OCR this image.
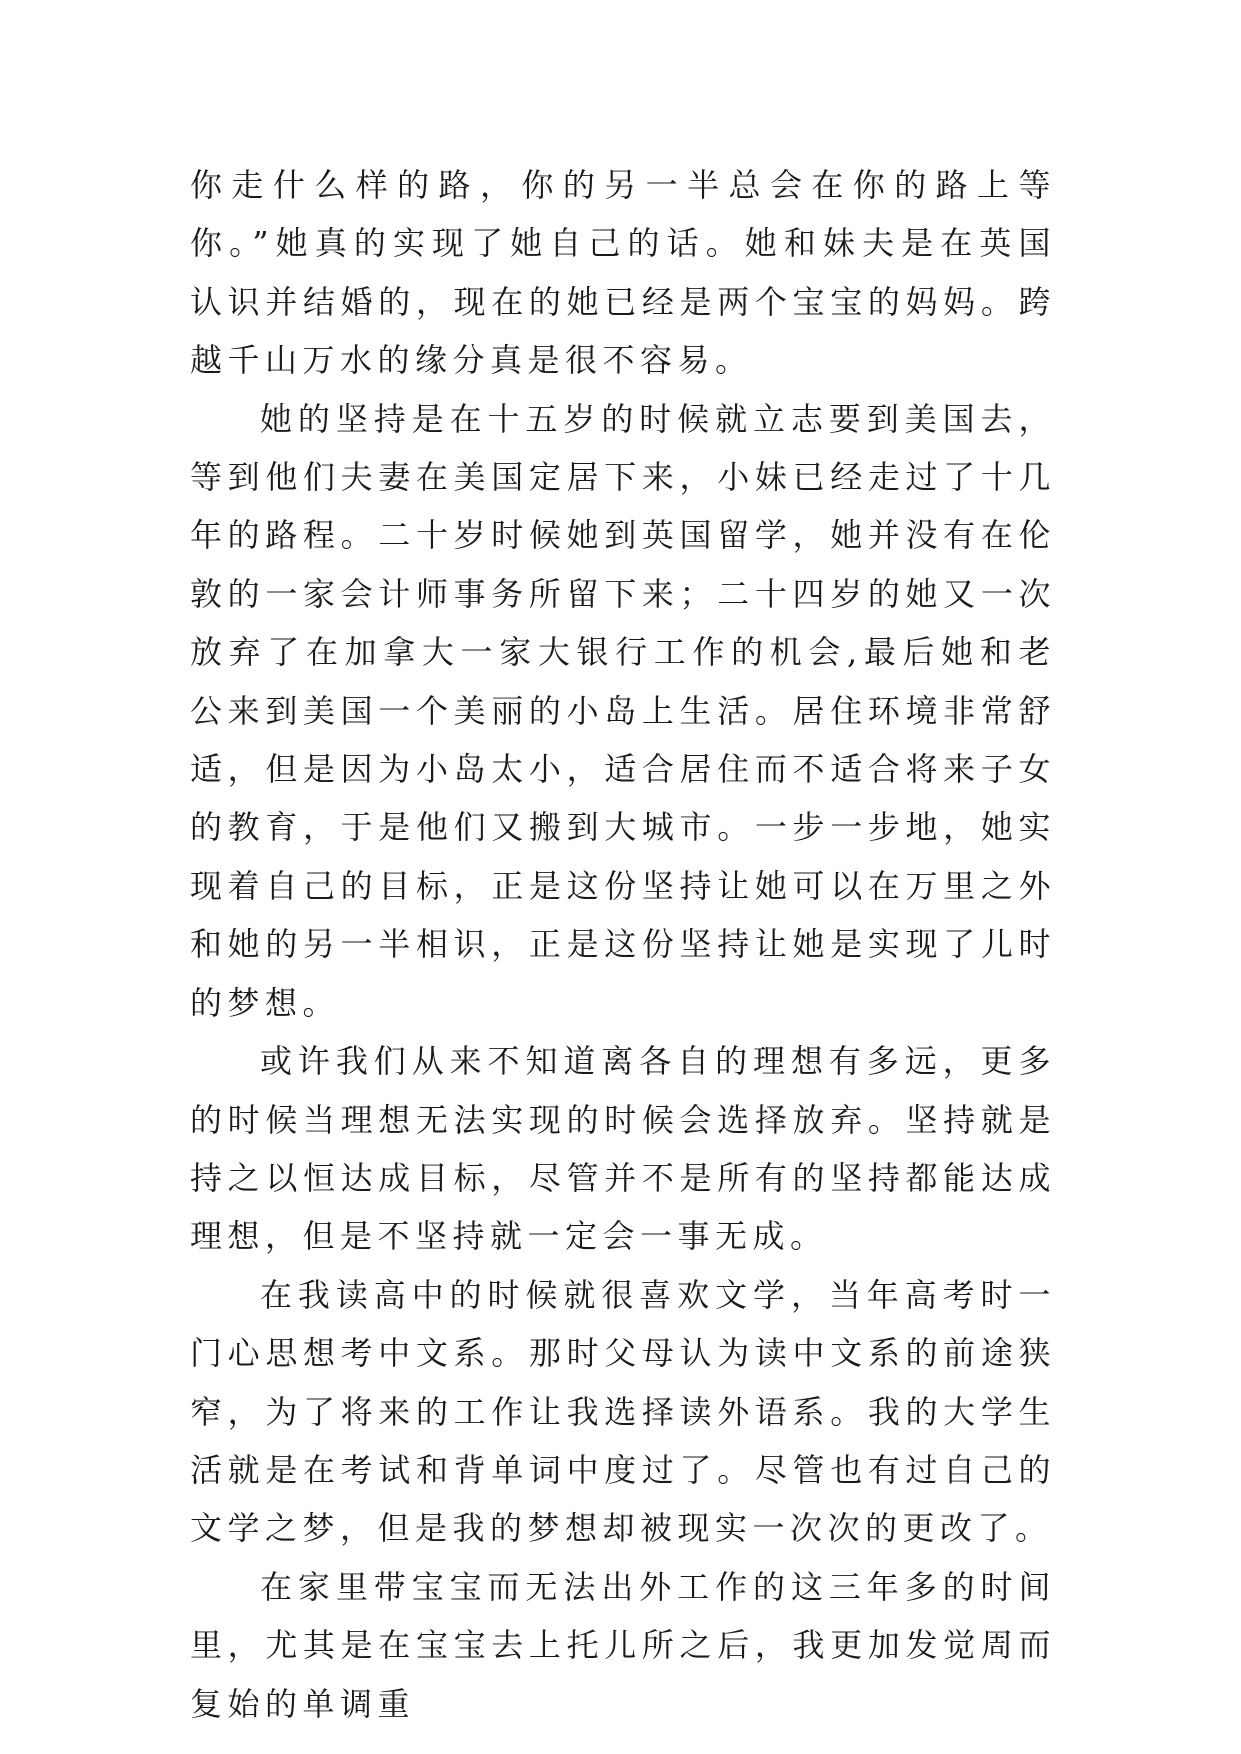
你走什么样的路，你的另一半总会在你的路上等你。”她真的实现了她自己的话。她和妹夫是在英国认识并结婚的，现在的她已经是两个宝宝的妈妈。跨越千山万水的缘分真是很不容易。

她的坚持是在十五岁的时候就立志要到美国去，等到他们夫妻在美国定居下来，小妹已经走过了十几年的路程。二十岁时候她到英国留学，她并没有在伦敦的一家会计师事务所留下来；二十四岁的她又一次放弃了在加拿大一家大银行工作的机会,最后她和老公来到美国一个美丽的小岛上生活。居住环境非常舒适，但是因为小岛太小，适合居住而不适合将来子女的教育，于是他们又搬到大城市。一步一步地，她实现着自己的目标，正是这份坚持让她可以在万里之外和她的另一半相识，正是这份坚持让她是实现了儿时的梦想。

或许我们从来不知道离各自的理想有多远，更多的时候当理想无法实现的时候会选择放弃。坚持就是持之以恒达成目标，尽管并不是所有的坚持都能达成理想，但是不坚持就一定会一事无成。

在我读高中的时候就很喜欢文学，当年高考时一门心思想考中文系。那时父母认为读中文系的前途狭窄，为了将来的工作让我选择读外语系。我的大学生活就是在考试和背单词中度过了。尽管也有过自己的文学之梦，但是我的梦想却被现实一次次的更改了。

在家里带宝宝而无法出外工作的这三年多的时间里，尤其是在宝宝去上托儿所之后，我更加发觉周而复始的单调重
